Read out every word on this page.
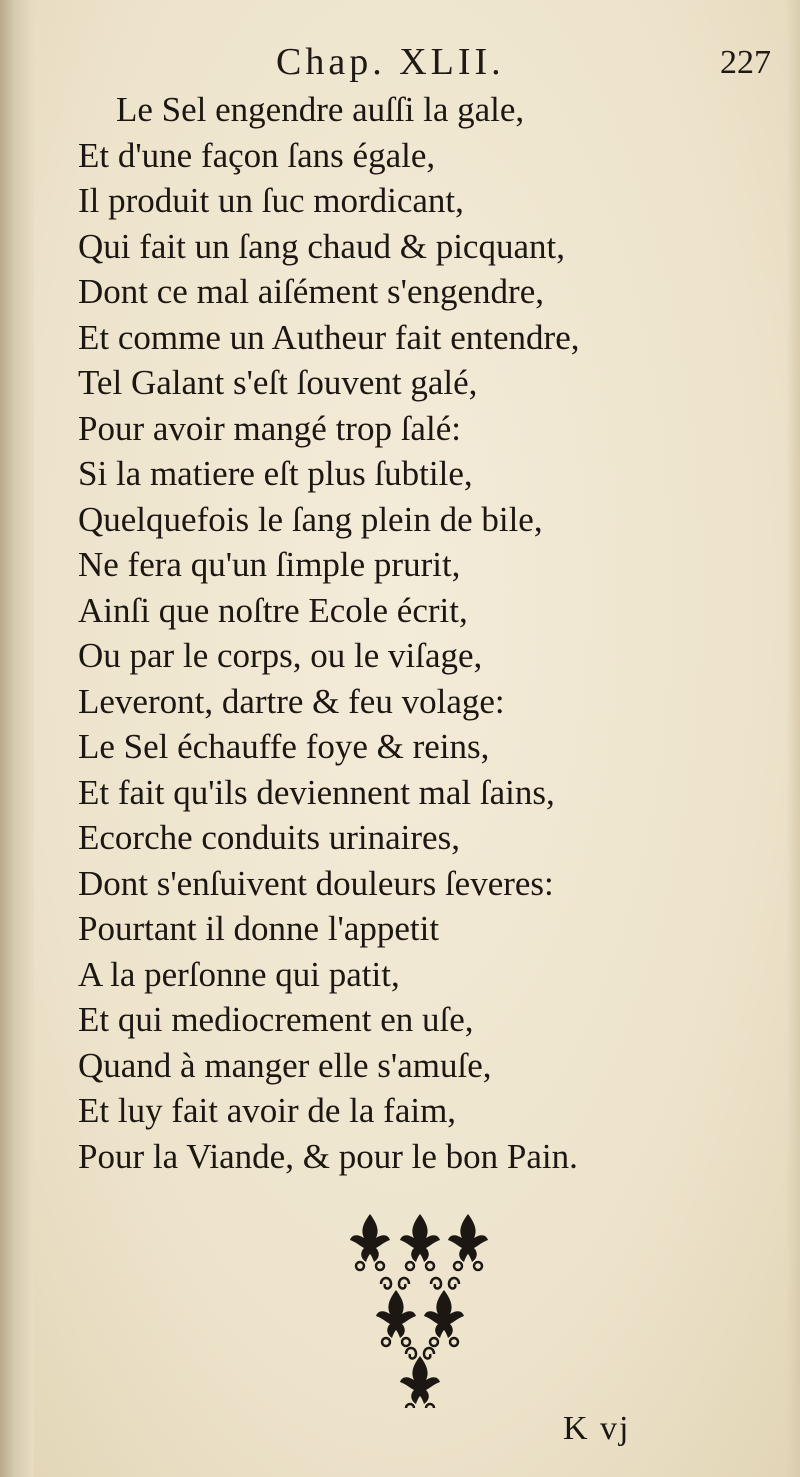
Chap. XLII.	227
Le Sel engendre auſſi la gale,
Et d'une façon ſans égale,
Il produit un ſuc mordicant,
Qui fait un ſang chaud & picquant,
Dont ce mal aiſément s'engendre,
Et comme un Autheur fait entendre,
Tel Galant s'eſt ſouvent galé,
Pour avoir mangé trop ſalé:
Si la matiere eſt plus ſubtile,
Quelquefois le ſang plein de bile,
Ne fera qu'un ſimple prurit,
Ainſi que noſtre Ecole écrit,
Ou par le corps, ou le viſage,
Leveront, dartre & feu volage:
Le Sel échauffe foye & reins,
Et fait qu'ils deviennent mal ſains,
Ecorche conduits urinaires,
Dont s'enſuivent douleurs ſeveres:
Pourtant il donne l'appetit
A la perſonne qui patit,
Et qui mediocrement en uſe,
Quand à manger elle s'amuſe,
Et luy fait avoir de la faim,
Pour la Viande, & pour le bon Pain.
K vj
